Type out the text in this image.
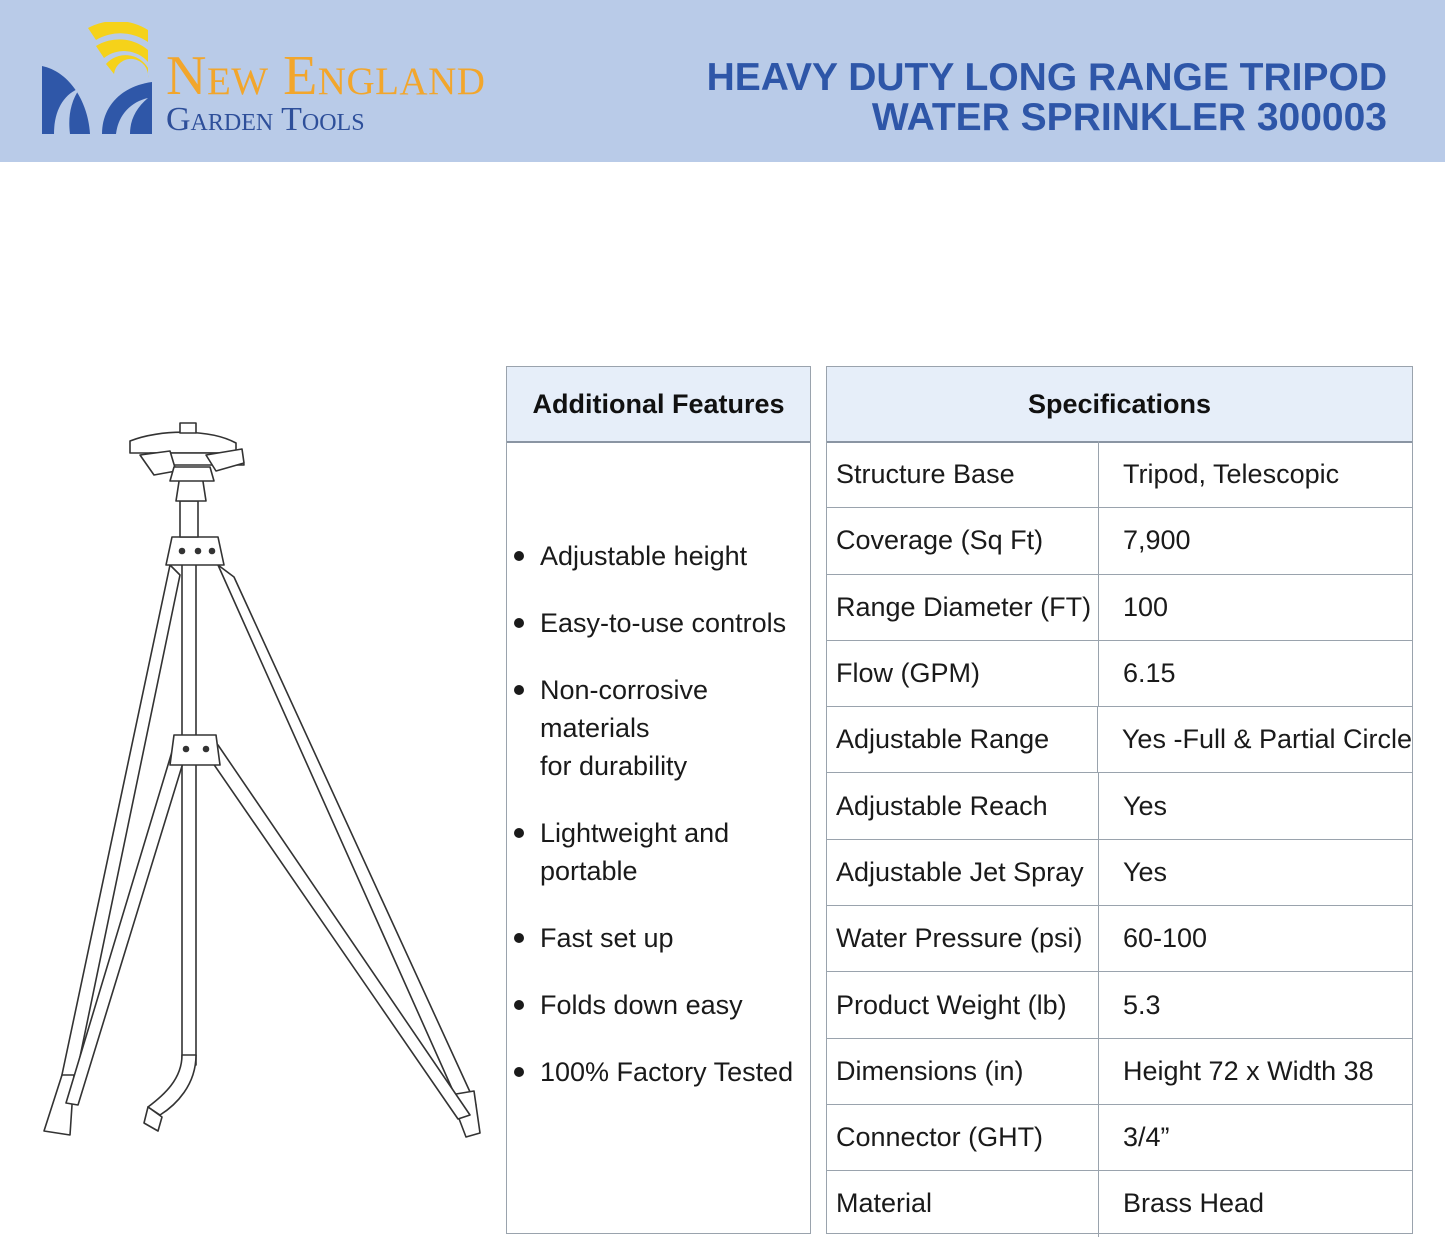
New England
Garden Tools
HEAVY DUTY LONG RANGE TRIPOD
WATER SPRINKLER 300003
Additional Features
Adjustable height
Easy-to-use controls
Non-corrosive materials
for durability
Lightweight and
portable
Fast set up
Folds down easy
100% Factory Tested
Specifications
Structure Base	Tripod, Telescopic
Coverage (Sq Ft)	7,900
Range Diameter (FT)	100
Flow (GPM)	6.15
Adjustable Range	Yes -Full & Partial Circle
Adjustable Reach	Yes
Adjustable Jet Spray	Yes
Water Pressure (psi)	60-100
Product Weight (lb)	5.3
Dimensions (in)	Height 72 x Width 38
Connector (GHT)	3/4”
Material	Brass Head
